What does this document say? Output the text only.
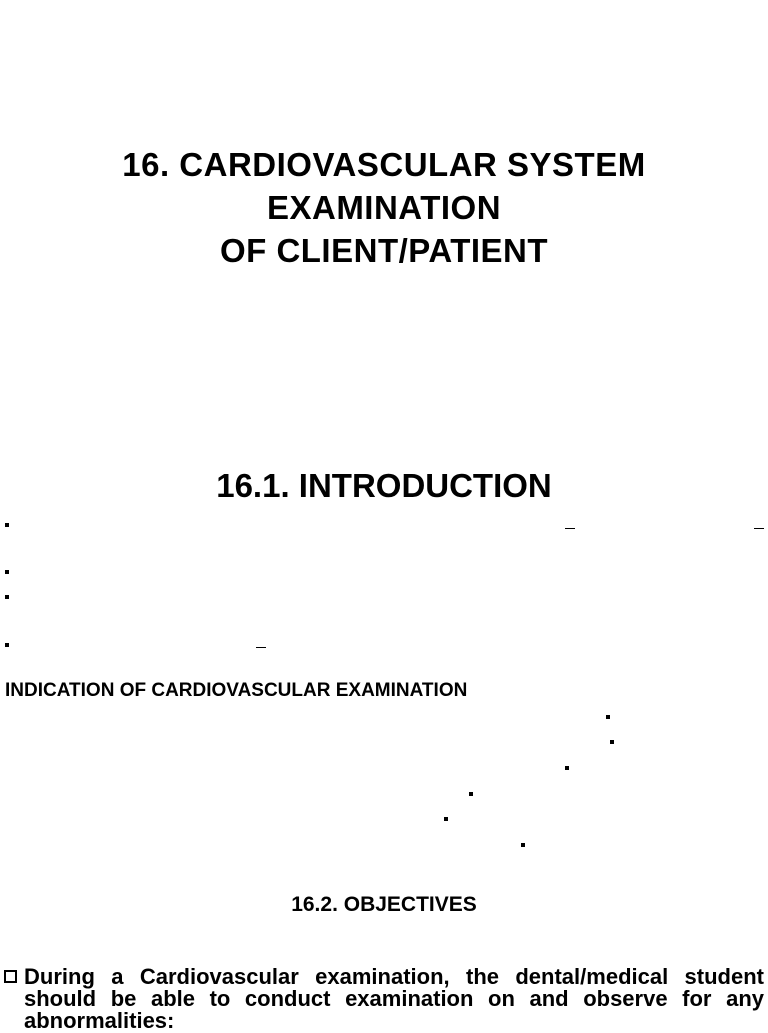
16. CARDIOVASCULAR SYSTEM
EXAMINATION
OF CLIENT/PATIENT
16.1. INTRODUCTION
INDICATION OF CARDIOVASCULAR EXAMINATION
16.2. OBJECTIVES
During a Cardiovascular examination, the dental/medical student should be able to conduct examination on and observe for any abnormalities:
